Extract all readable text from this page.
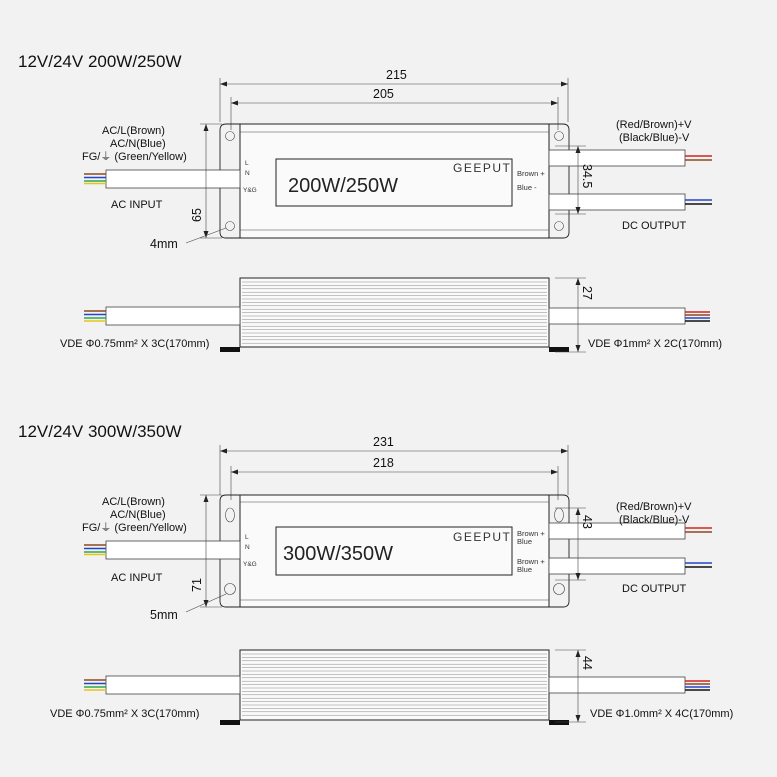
12V/24V 200W/250W
215
205
GEEPUT
200W/250W
L
N
Y&G
Brown +
Blue -
AC/L(Brown)
AC/N(Blue)
FG/⏚ (Green/Yellow)
AC INPUT
(Red/Brown)+V
(Black/Blue)-V
DC OUTPUT
34.5
65
4mm
27
VDE Φ0.75mm² X 3C(170mm)	VDE Φ1mm² X 2C(170mm)
12V/24V 300W/350W
231
218
GEEPUT
300W/350W
L
N
Y&G
Brown +
Blue
Brown +
Blue
AC/L(Brown)
AC/N(Blue)
FG/⏚ (Green/Yellow)
AC INPUT
(Red/Brown)+V
(Black/Blue)-V
DC OUTPUT
43
71
5mm
44
VDE Φ0.75mm² X 3C(170mm)	VDE Φ1.0mm² X 4C(170mm)
